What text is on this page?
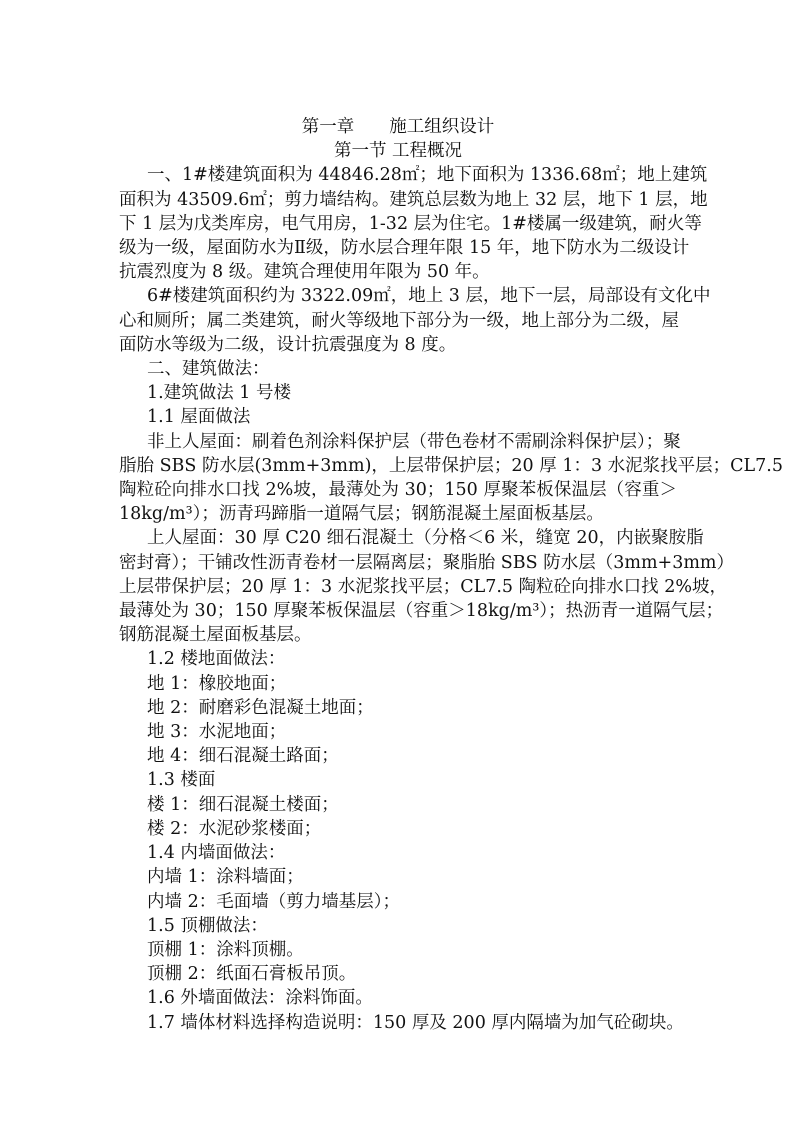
第一章　　施工组织设计
第一节 工程概况
一、1#楼建筑面积为 44846.28㎡；地下面积为 1336.68㎡；地上建筑
面积为 43509.6㎡；剪力墙结构。建筑总层数为地上 32 层，地下 1 层，地
下 1 层为戊类库房，电气用房，1-32 层为住宅。1#楼属一级建筑，耐火等
级为一级，屋面防水为Ⅱ级，防水层合理年限 15 年，地下防水为二级设计
抗震烈度为 8 级。建筑合理使用年限为 50 年。
6#楼建筑面积约为 3322.09㎡，地上 3 层，地下一层，局部设有文化中
心和厕所；属二类建筑，耐火等级地下部分为一级，地上部分为二级，屋
面防水等级为二级，设计抗震强度为 8 度。
二、建筑做法：
1.建筑做法 1 号楼
1.1 屋面做法
非上人屋面：刷着色剂涂料保护层（带色卷材不需刷涂料保护层）；聚
脂胎 SBS 防水层(3mm+3mm)，上层带保护层；20 厚 1：3 水泥浆找平层；CL7.5
陶粒砼向排水口找 2%坡，最薄处为 30；150 厚聚苯板保温层（容重＞
18kg/m³）；沥青玛蹄脂一道隔气层；钢筋混凝土屋面板基层。
上人屋面：30 厚 C20 细石混凝土（分格＜6 米，缝宽 20，内嵌聚胺脂
密封膏）；干铺改性沥青卷材一层隔离层；聚脂胎 SBS 防水层（3mm+3mm）
上层带保护层；20 厚 1：3 水泥浆找平层；CL7.5 陶粒砼向排水口找 2%坡，
最薄处为 30；150 厚聚苯板保温层（容重＞18kg/m³）；热沥青一道隔气层；
钢筋混凝土屋面板基层。
1.2 楼地面做法：
地 1：橡胶地面；
地 2：耐磨彩色混凝土地面；
地 3：水泥地面；
地 4：细石混凝土路面；
1.3 楼面
楼 1：细石混凝土楼面；
楼 2：水泥砂浆楼面；
1.4 内墙面做法：
内墙 1：涂料墙面；
内墙 2：毛面墙（剪力墙基层）；
1.5 顶棚做法：
顶棚 1：涂料顶棚。
顶棚 2：纸面石膏板吊顶。
1.6 外墙面做法：涂料饰面。
1.7 墙体材料选择构造说明：150 厚及 200 厚内隔墙为加气砼砌块。
